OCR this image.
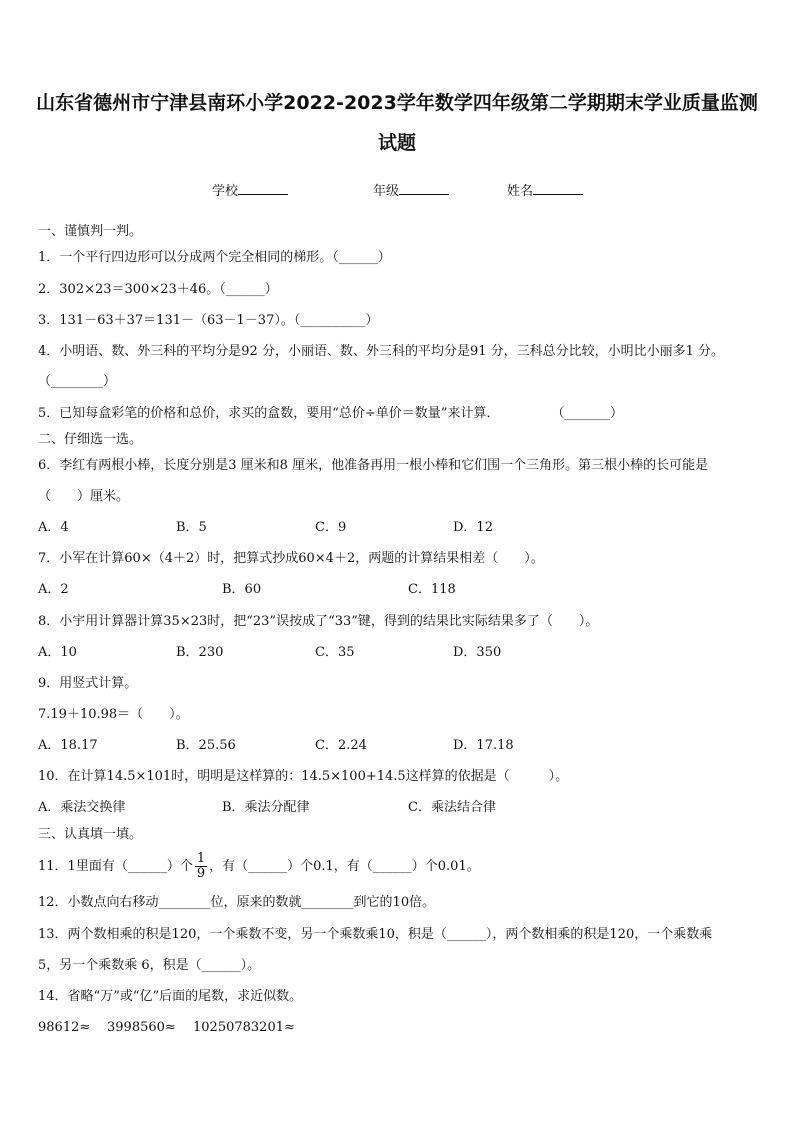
山东省德州市宁津县南环小学2022-2023学年数学四年级第二学期期末学业质量监测
试题
学校	年级	姓名
一、谨慎判一判。
1．一个平行四边形可以分成两个完全相同的梯形。（______）
2．302×23＝300×23＋46。（______）
3．131－63＋37＝131－（63－1－37）。（__________）
4．小明语、数、外三科的平均分是92 分，小丽语、数、外三科的平均分是91 分，三科总分比较，小明比小丽多1 分。
（________）
5．已知每盒彩笔的价格和总价，求买的盒数，要用“总价÷单价＝数量”来计算．　　　　　（_______）
二、仔细选一选。
6．李红有两根小棒，长度分别是3 厘米和8 厘米，他准备再用一根小棒和它们围一个三角形。第三根小棒的长可能是
（　　）厘米。
A．4	B．5	C．9	D．12
7．小军在计算60×（4＋2）时，把算式抄成60×4＋2，两题的计算结果相差（　　）。
A．2	B．60	C．118
8．小宇用计算器计算35×23时，把“23”误按成了“33”键，得到的结果比实际结果多了（　　）。
A．10	B．230	C．35	D．350
9．用竖式计算。
7.19＋10.98＝（　　）。
A．18.17	B．25.56	C．2.24	D．17.18
10．在计算14.5×101时，明明是这样算的：14.5×100+14.5这样算的依据是（　　　）。
A．乘法交换律	B．乘法分配律	C．乘法结合律
三、认真填一填。
11．1里面有（______）个 $\frac{1}{9}$ ，有（______）个0.1，有（______）个0.01。
12．小数点向右移动________位，原来的数就________到它的10倍。
13．两个数相乘的积是120，一个乘数不变，另一个乘数乘10，积是（______），两个数相乘的积是120，一个乘数乘
5，另一个乘数乘 6，积是（______）。
14．省略“万”或“亿”后面的尾数，求近似数。
98612≈ 3998560≈ 10250783201≈
